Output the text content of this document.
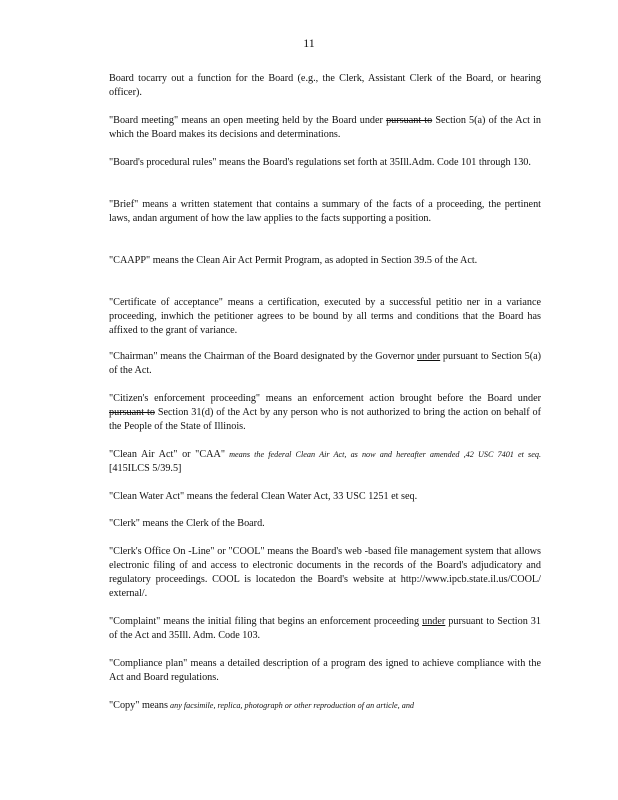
11

Board tocarry out a function for the Board (e.g., the Clerk, Assistant Clerk of the Board, or hearing officer).

"Board meeting" means an open meeting held by the Board under pursuant to Section 5(a) of the Act in which the Board makes its decisions and determinations.

"Board's procedural rules" means the Board's regulations set forth at 35Ill.Adm. Code 101 through 130.

"Brief" means a written statement that contains a summary of the facts of a proceeding, the pertinent laws, andan argument of how the law applies to the facts supporting a position.

"CAAPP" means the Clean Air Act Permit Program, as adopted in Section 39.5 of the Act.

"Certificate of acceptance" means a certification, executed by a successful petitio ner in a variance proceeding, inwhich the petitioner agrees to be bound by all terms and conditions that the Board has affixed to the grant of variance.

"Chairman" means the Chairman of the Board designated by the Governor under pursuant to Section 5(a) of the Act.

"Citizen's enforcement proceeding" means an enforcement action brought before the Board under pursuant to Section 31(d) of the Act by any person who is not authorized to bring the action on behalf of the People of the State of Illinois.

"Clean Air Act" or "CAA" means the federal Clean Air Act, as now and hereafter amended ,42 USC 7401 et seq. [415ILCS 5/39.5]

"Clean Water Act" means the federal Clean Water Act, 33 USC 1251 et seq.

"Clerk" means the Clerk of the Board.

"Clerk's Office On -Line" or "COOL" means the Board's web -based file management system that allows electronic filing of and access to electronic documents in the records of the Board's adjudicatory and regulatory proceedings. COOL is locatedon the Board's website at http://www.ipcb.state.il.us/COOL/ external/.

"Complaint" means the initial filing that begins an enforcement proceeding under pursuant to Section 31 of the Act and 35Ill. Adm. Code 103.

"Compliance plan" means a detailed description of a program des igned to achieve compliance with the Act and Board regulations.

"Copy" means any facsimile, replica, photograph or other reproduction of an article, and
